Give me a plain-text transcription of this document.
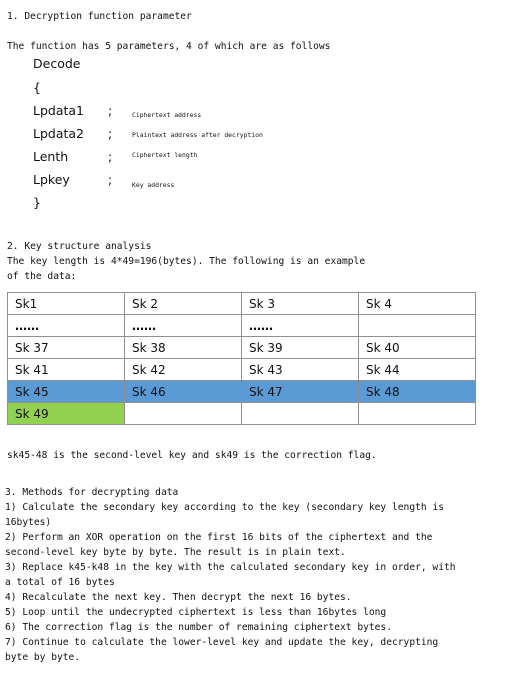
1. Decryption function parameter
The function has 5 parameters, 4 of which are as follows
Decode
{
Lpdata1 ;	Ciphertext address
Lpdata2 ;	Plaintext address after decryption
Lenth	;	Ciphertext length
Lpkey	;	Key address
}
2. Key structure analysis
The key length is 4*49=196(bytes). The following is an example
of the data:
Sk1	Sk 2	Sk 3	Sk 4
……	……	……	
Sk 37	Sk 38	Sk 39	Sk 40
Sk 41	Sk 42	Sk 43	Sk 44
Sk 45	Sk 46	Sk 47	Sk 48
Sk 49			
sk45-48 is the second-level key and sk49 is the correction flag.
3. Methods for decrypting data
1) Calculate the secondary key according to the key (secondary key length is
16bytes)
2) Perform an XOR operation on the first 16 bits of the ciphertext and the
second-level key byte by byte. The result is in plain text.
3) Replace k45-k48 in the key with the calculated secondary key in order, with
a total of 16 bytes
4) Recalculate the next key. Then decrypt the next 16 bytes.
5) Loop until the undecrypted ciphertext is less than 16bytes long
6) The correction flag is the number of remaining ciphertext bytes.
7) Continue to calculate the lower-level key and update the key, decrypting
byte by byte.
